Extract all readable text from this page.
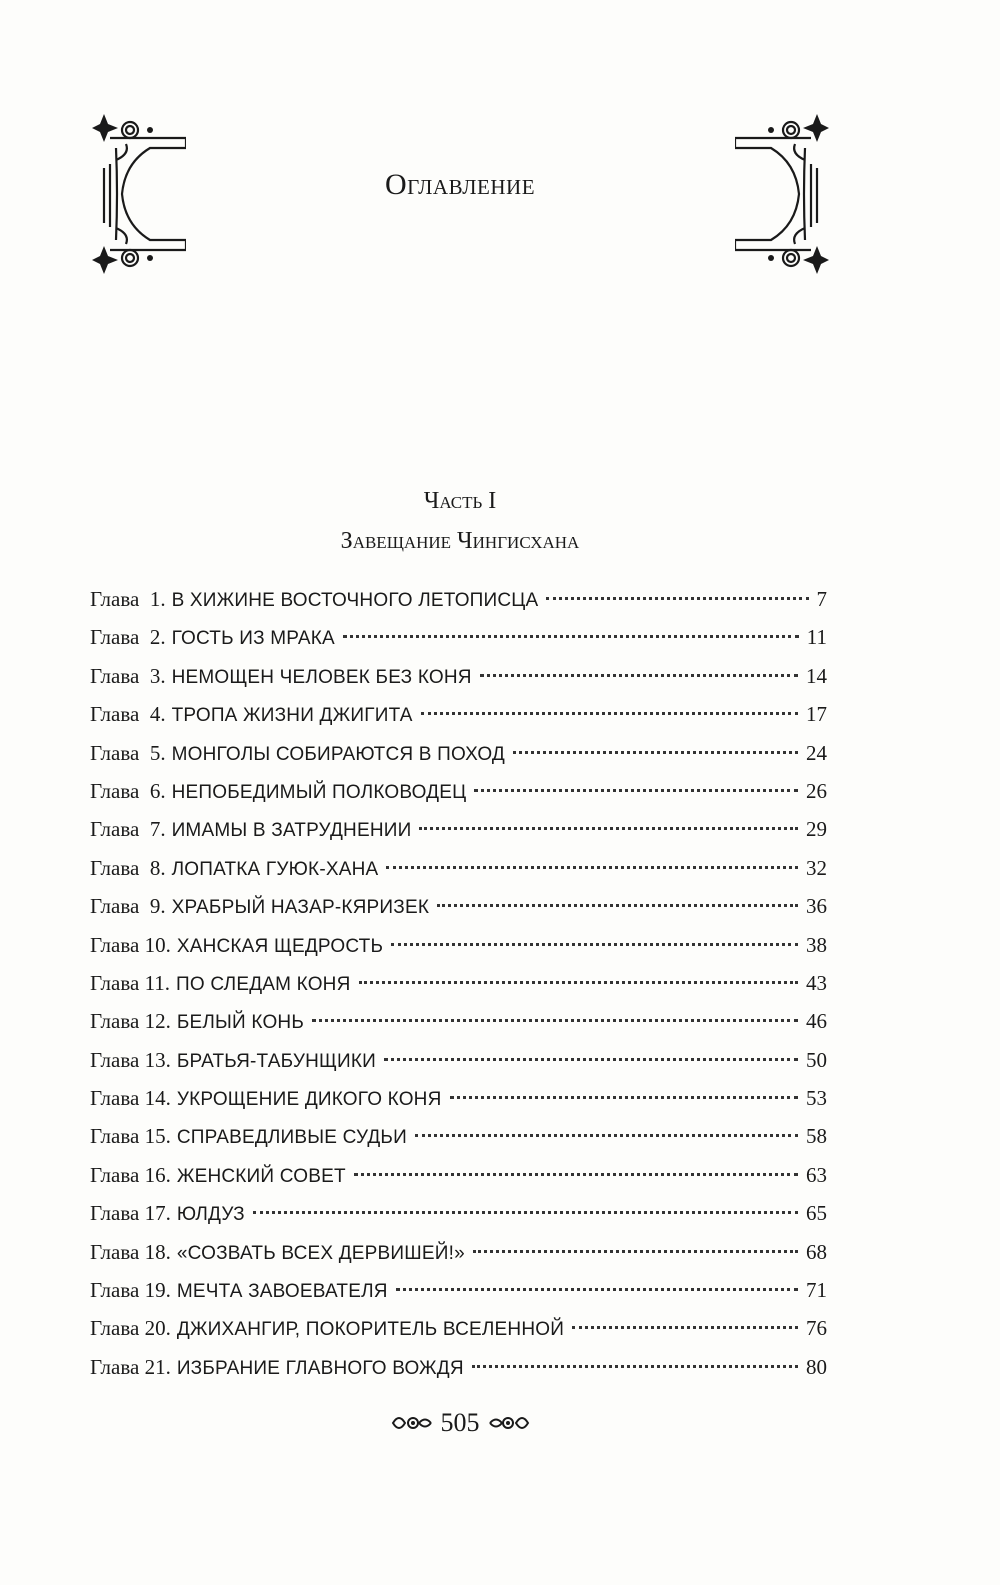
Оглавление
Часть I
Завещание Чингисхана
Глава  1. В ХИЖИНЕ ВОСТОЧНОГО ЛЕТОПИСЦА	7
Глава  2. ГОСТЬ ИЗ МРАКА	11
Глава  3. НЕМОЩЕН ЧЕЛОВЕК БЕЗ КОНЯ	14
Глава  4. ТРОПА ЖИЗНИ ДЖИГИТА	17
Глава  5. МОНГОЛЫ СОБИРАЮТСЯ В ПОХОД	24
Глава  6. НЕПОБЕДИМЫЙ ПОЛКОВОДЕЦ	26
Глава  7. ИМАМЫ В ЗАТРУДНЕНИИ	29
Глава  8. ЛОПАТКА ГУЮК-ХАНА	32
Глава  9. ХРАБРЫЙ НАЗАР-КЯРИЗЕК	36
Глава 10. ХАНСКАЯ ЩЕДРОСТЬ	38
Глава 11. ПО СЛЕДАМ КОНЯ	43
Глава 12. БЕЛЫЙ КОНЬ	46
Глава 13. БРАТЬЯ-ТАБУНЩИКИ	50
Глава 14. УКРОЩЕНИЕ ДИКОГО КОНЯ	53
Глава 15. СПРАВЕДЛИВЫЕ СУДЬИ	58
Глава 16. ЖЕНСКИЙ СОВЕТ	63
Глава 17. ЮЛДУЗ	65
Глава 18. «СОЗВАТЬ ВСЕХ ДЕРВИШЕЙ!»	68
Глава 19. МЕЧТА ЗАВОЕВАТЕЛЯ	71
Глава 20. ДЖИХАНГИР, ПОКОРИТЕЛЬ ВСЕЛЕННОЙ	76
Глава 21. ИЗБРАНИЕ ГЛАВНОГО ВОЖДЯ	80
505
